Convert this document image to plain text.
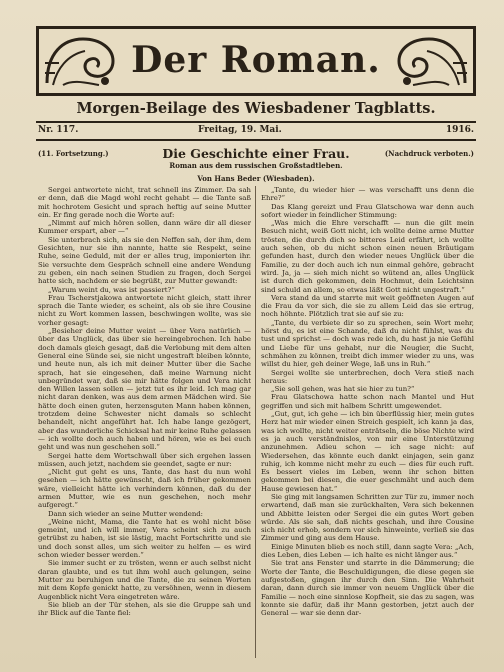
Der Roman.
Morgen-Beilage des Wiesbadener Tagblatts.
Nr. 117.	Freitag, 19. Mai.	1916.
(11. Fortsetzung.)	Die Geschichte einer Frau.	(Nachdruck verboten.)
Roman aus dem russischen Großstadtleben.
Von Hans Beder (Wiesbaden).

Sergei antwortete nicht, trat schnell ins Zimmer. Da sah er denn, daß die Magd wohl recht gehabt — die Tante saß mit hochrotem Gesicht und sprach heftig auf seine Mutter ein. Er fing gerade noch die Worte auf:

„Nimmt auf mich hören sollen, dann wäre dir all dieser Kummer erspart, aber —“

Sie unterbrach sich, als sie den Neffen sah, der ihm, dem Gesichten, nur sie ihn nannte, hatte sie Respekt, seine Ruhe, seine Geduld, mit der er alles trug, imponierten ihr. Sie versuchte dem Gespräch schnell eine andere Wendung zu geben, ein nach seinen Studien zu fragen, doch Sergei hatte sich, nachdem er sie begrüßt, zur Mutter gewandt:

„Warum weint du, was ist passiert?“

Frau Tscherstjakowa antwortete nicht gleich, statt ihrer sprach die Tante wieder, es scheint, als ob sie ihre Cousine nicht zu Wort kommen lassen, beschwingen wollte, was sie vorher gesagt:

„Besieher deine Mutter weint — über Vera natürlich — über das Unglück, das über sie hereingebrochen. Ich habe doch damals gleich gesagt, daß die Verlobung mit dem alten General eine Sünde sei, sie nicht ungestraft bleiben könnte, und heute nun, als ich mit deiner Mutter über die Sache sprach, hat sie eingesehen, daß meine Warnung nicht unbegründet war, daß sie mir hätte folgen und Vera nicht den Willen lassen sollen — jetzt tut es ihr leid. Ich mag gar nicht daran denken, was aus dem armen Mädchen wird. Sie hätte doch einen guten, herzensguten Mann haben können, trotzdem deine Schwester nicht damals so schlecht behandelt, nicht angeführt hat. Ich habe lange gezögert, aber das wunderliche Schicksal hat mir keine Ruhe gelassen — ich wollte doch auch haben und hören, wie es bei euch geht und was nun geschehen soll.“

Sergei hatte dem Wortschwall über sich ergehen lassen müssen, auch jetzt, nachdem sie geendet, sagte er nur:

„Nicht gut geht es uns, Tante, das hast du nun wohl gesehen — ich hätte gewünscht, daß ich früher gekommen wäre, vielleicht hätte ich verhindern können, daß du der armen Mutter, wie es nun geschehen, noch mehr aufgeregt.“

Dann sich wieder an seine Mutter wendend:

„Weine nicht, Mama, die Tante hat es wohl nicht böse gemeint, und ich will immer, Vera scheint sich zu auch getrübst zu haben, ist sie lästig, macht Fortschritte und sie und doch sonst alles, um sich weiter zu helfen — es wird schon wieder besser werden.“

Sie immer sucht er zu trösten, wenn er auch selbst nicht daran glaubte, und es tut ihm wohl auch gelungen, seine Mutter zu beruhigen und die Tante, die zu seinen Worten mit dem Kopfe genickt hatte, zu versöhnen, wenn in diesem Augenblick nicht Vera eingetreten wäre.

Sie blieb an der Tür stehen, als sie die Gruppe sah und ihr Blick auf die Tante fiel:

„Tante, du wieder hier — was verschafft uns denn die Ehre?“

Das Klang gereizt und Frau Glatschowa war denn auch sofort wieder in feindlicher Stimmung:

„Was mich die Ehre verschafft — nun die gilt mein Besuch nicht, weiß Gott nicht, ich wollte deine arme Mutter trösten, die durch dich so bitteres Leid erfährt, ich wollte auch sehen, ob du nicht schon einen neuen Bräutigam gefunden hast, durch den wieder neues Unglück über die Familie, zu der doch auch ich nun einmal gehöre, gebracht wird. Ja, ja — sieh mich nicht so wütend an, alles Unglück ist durch dich gekommen, dein Hochmut, dein Leichtsinn sind schuld an allem, so etwas läßt Gott nicht ungestraft.“

Vera stand da und starrte mit weit geöffneten Augen auf die Frau da vor sich, die sie zu allem Leid das sie ertrug, noch höhnte. Plötzlich trat sie auf sie zu:

„Tante, du verbiete dir so zu sprechen, sein Wort mehr, hörst du, es ist eine Schande, daß du nicht fühlst, was du tust und sprichst — doch was rede ich, du hast ja nie Gefühl und Liebe für uns gehabt, nur die Neugier, die Sucht, schmähen zu können, treibt dich immer wieder zu uns, was willst du hier, geh deiner Wege, laß uns in Ruh.“

Sergei wollte sie unterbrechen, doch Vera stieß nach heraus:

„Sie soll gehen, was hat sie hier zu tun?“

Frau Glatschowa hatte schon nach Mantel und Hut gegriffen und sich mit halbem Schritt umgewendet.

„Gut, gut, ich gehe — ich bin überflüssig hier, mein gutes Herz hat mir wieder einen Streich gespielt, ich kann ja das, was ich wollte, nicht weiter enträtseln, die böse Nichte wird es ja auch verständnislos, von mir eine Unterstützung anzunehmen. Adieu schon — ich sage nicht: auf Wiedersehen, das könnte euch dankt einjagen, sein ganz ruhig, ich komme nicht mehr zu euch — dies für euch ruft. Es bessert vieles im Leben, wenn ihr schon bitten gekommen bei diesen, die euer geschmäht und auch dem Hause gewiesen hat.“

Sie ging mit langsamen Schritten zur Tür zu, immer noch erwartend, daß man sie zurückhalten, Vera sich bekennen und Abbitte leisten oder Sergei die ein gutes Wort geben würde. Als sie sah, daß nichts geschah, und ihre Cousine sich nicht erhob, sondern vor sich hinweinte, verließ sie das Zimmer und ging aus dem Hause.

Einige Minuten blieb es noch still, dann sagte Vera: „Ach, dies Leben, dies Leben — ich halte es nicht länger aus.“

Sie trat ans Fenster und starrte in die Dämmerung; die Worte der Tante, die Beschuldigungen, die diese gegen sie aufgestoßen, gingen ihr durch den Sinn. Die Wahrheit daran, dann durch sie immer von neuem Unglück über die Familie — noch eine sinnlose Kopfheit, sie das zu sagen, was konnte sie dafür, daß ihr Mann gestorben, jetzt auch der General — war sie denn dar-
